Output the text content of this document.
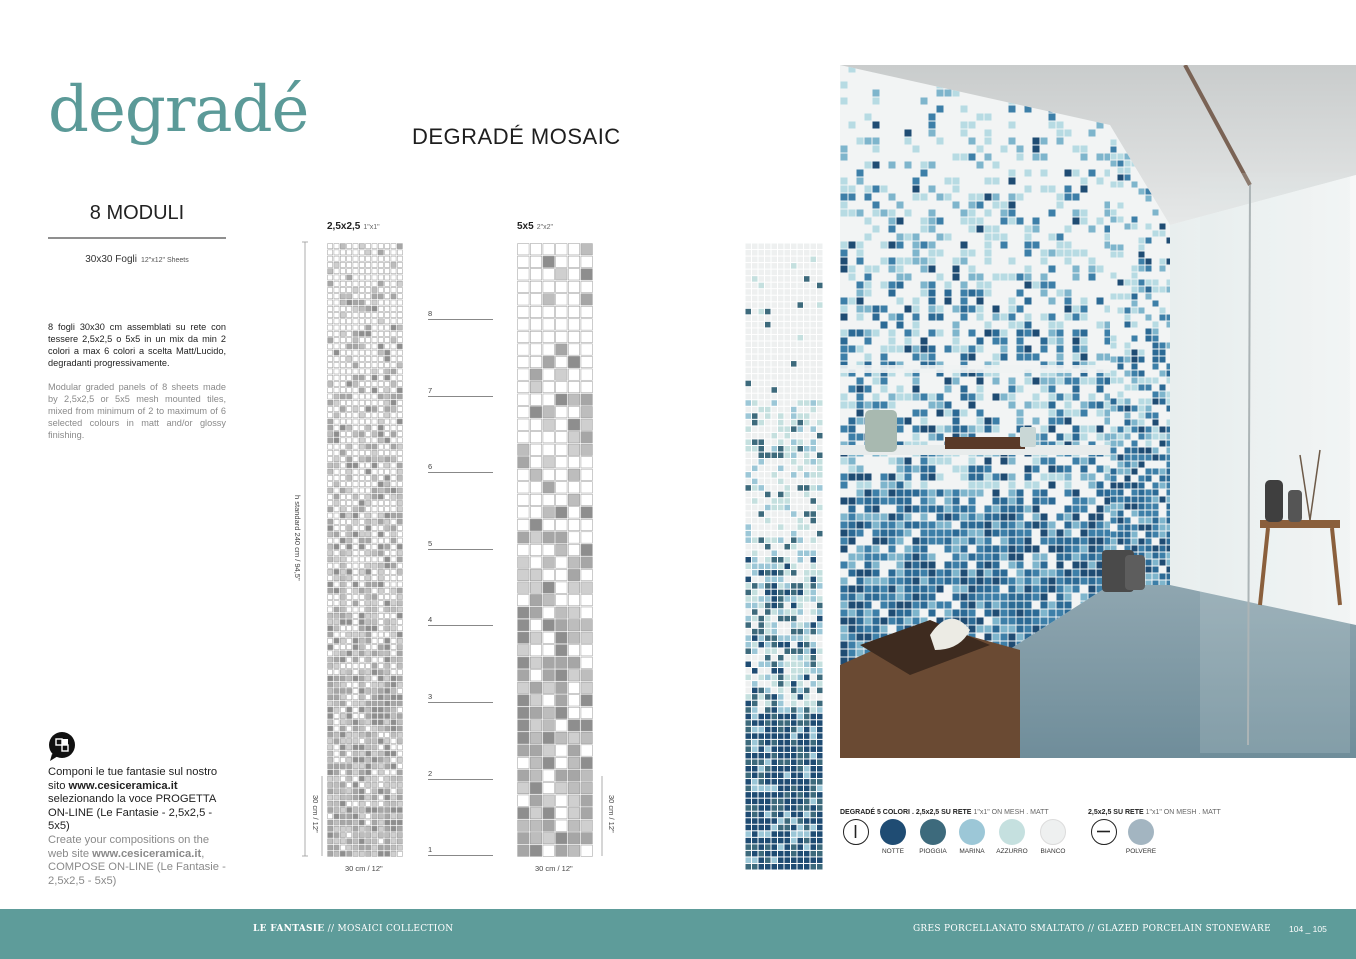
degradé	DEGRADÉ MOSAIC
8 MODULI
30x30 Fogli 12"x12" Sheets
8 fogli 30x30 cm assemblati su rete con tessere 2,5x2,5 o 5x5 in un mix da min 2 colori a max 6 colori a scelta Matt/Lucido, degradanti progressivamente.
Modular graded panels of 8 sheets made by 2,5x2,5 or 5x5 mesh mounted tiles, mixed from minimum of 2 to maximum of 6 selected colours in matt and/or glossy finishing.
Componi le tue fantasie sul nostro sito www.cesiceramica.it selezionando la voce PROGETTA ON-LINE (Le Fantasie - 2,5x2,5 - 5x5)
Create your compositions on the web site www.cesiceramica.it, COMPOSE ON-LINE (Le Fantasie - 2,5x2,5 - 5x5)
2,5x2,5 1"x1"	5x5 2"x2"
h standard 240 cm / 94,5"
30 cm / 12"	30 cm / 12"
8
7
6
5
4
3
2
1
30 cm / 12"	30 cm / 12"
DEGRADÉ 5 COLORI . 2,5x2,5 SU RETE 1"x1" ON MESH . MATT	2,5x2,5 SU RETE 1"x1" ON MESH . MATT
NOTTE	PIOGGIA	MARINA	AZZURRO	BIANCO	POLVERE
LE FANTASIE // MOSAICI COLLECTION	GRES PORCELLANATO SMALTATO // GLAZED PORCELAIN STONEWARE 104 _ 105
